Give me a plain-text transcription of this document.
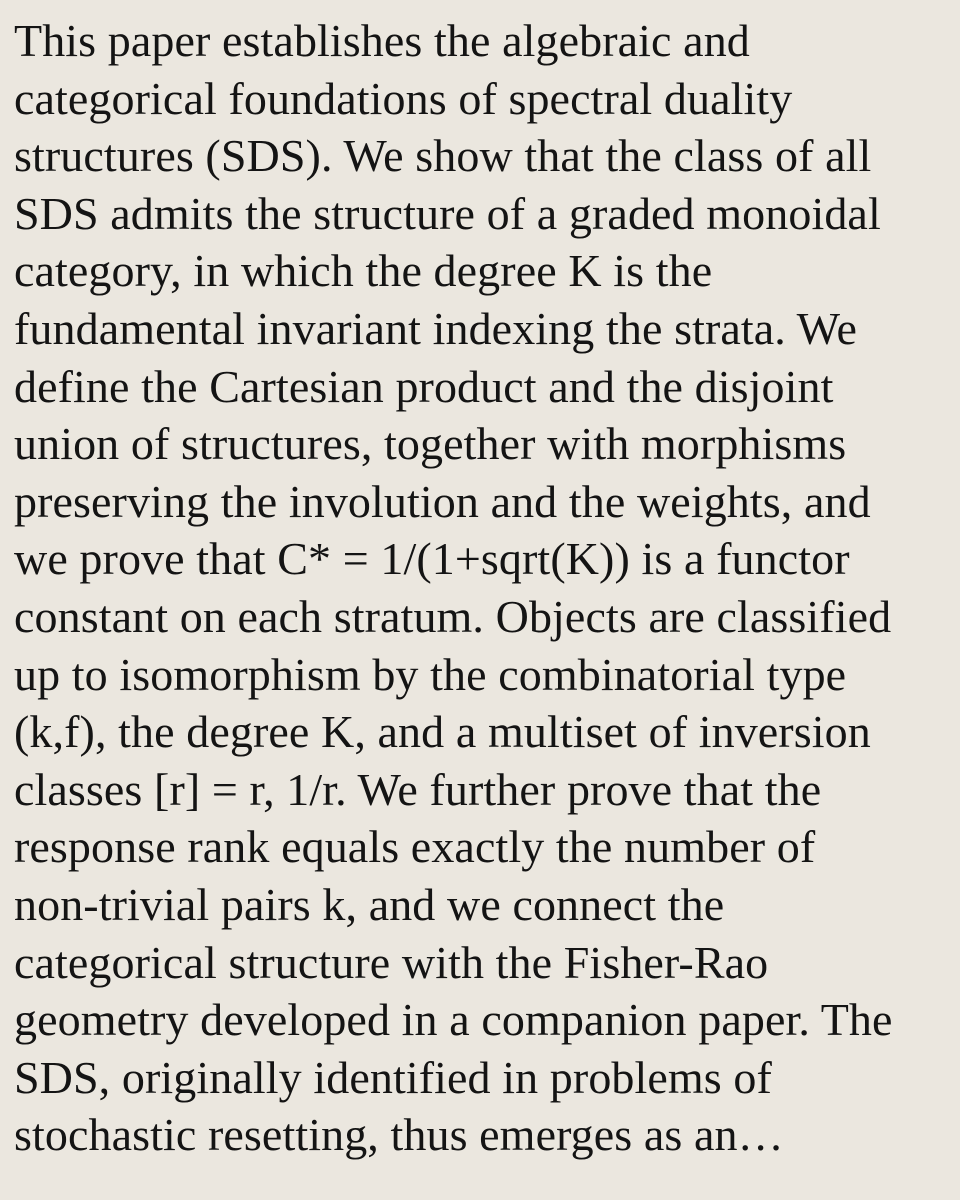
This paper establishes the algebraic and
categorical foundations of spectral duality
structures (SDS). We show that the class of all
SDS admits the structure of a graded monoidal
category, in which the degree K is the
fundamental invariant indexing the strata. We
define the Cartesian product and the disjoint
union of structures, together with morphisms
preserving the involution and the weights, and
we prove that C* = 1/(1+sqrt(K)) is a functor
constant on each stratum. Objects are classified
up to isomorphism by the combinatorial type
(k,f), the degree K, and a multiset of inversion
classes [r] = r, 1/r. We further prove that the
response rank equals exactly the number of
non-trivial pairs k, and we connect the
categorical structure with the Fisher-Rao
geometry developed in a companion paper. The
SDS, originally identified in problems of
stochastic resetting, thus emerges as an…
